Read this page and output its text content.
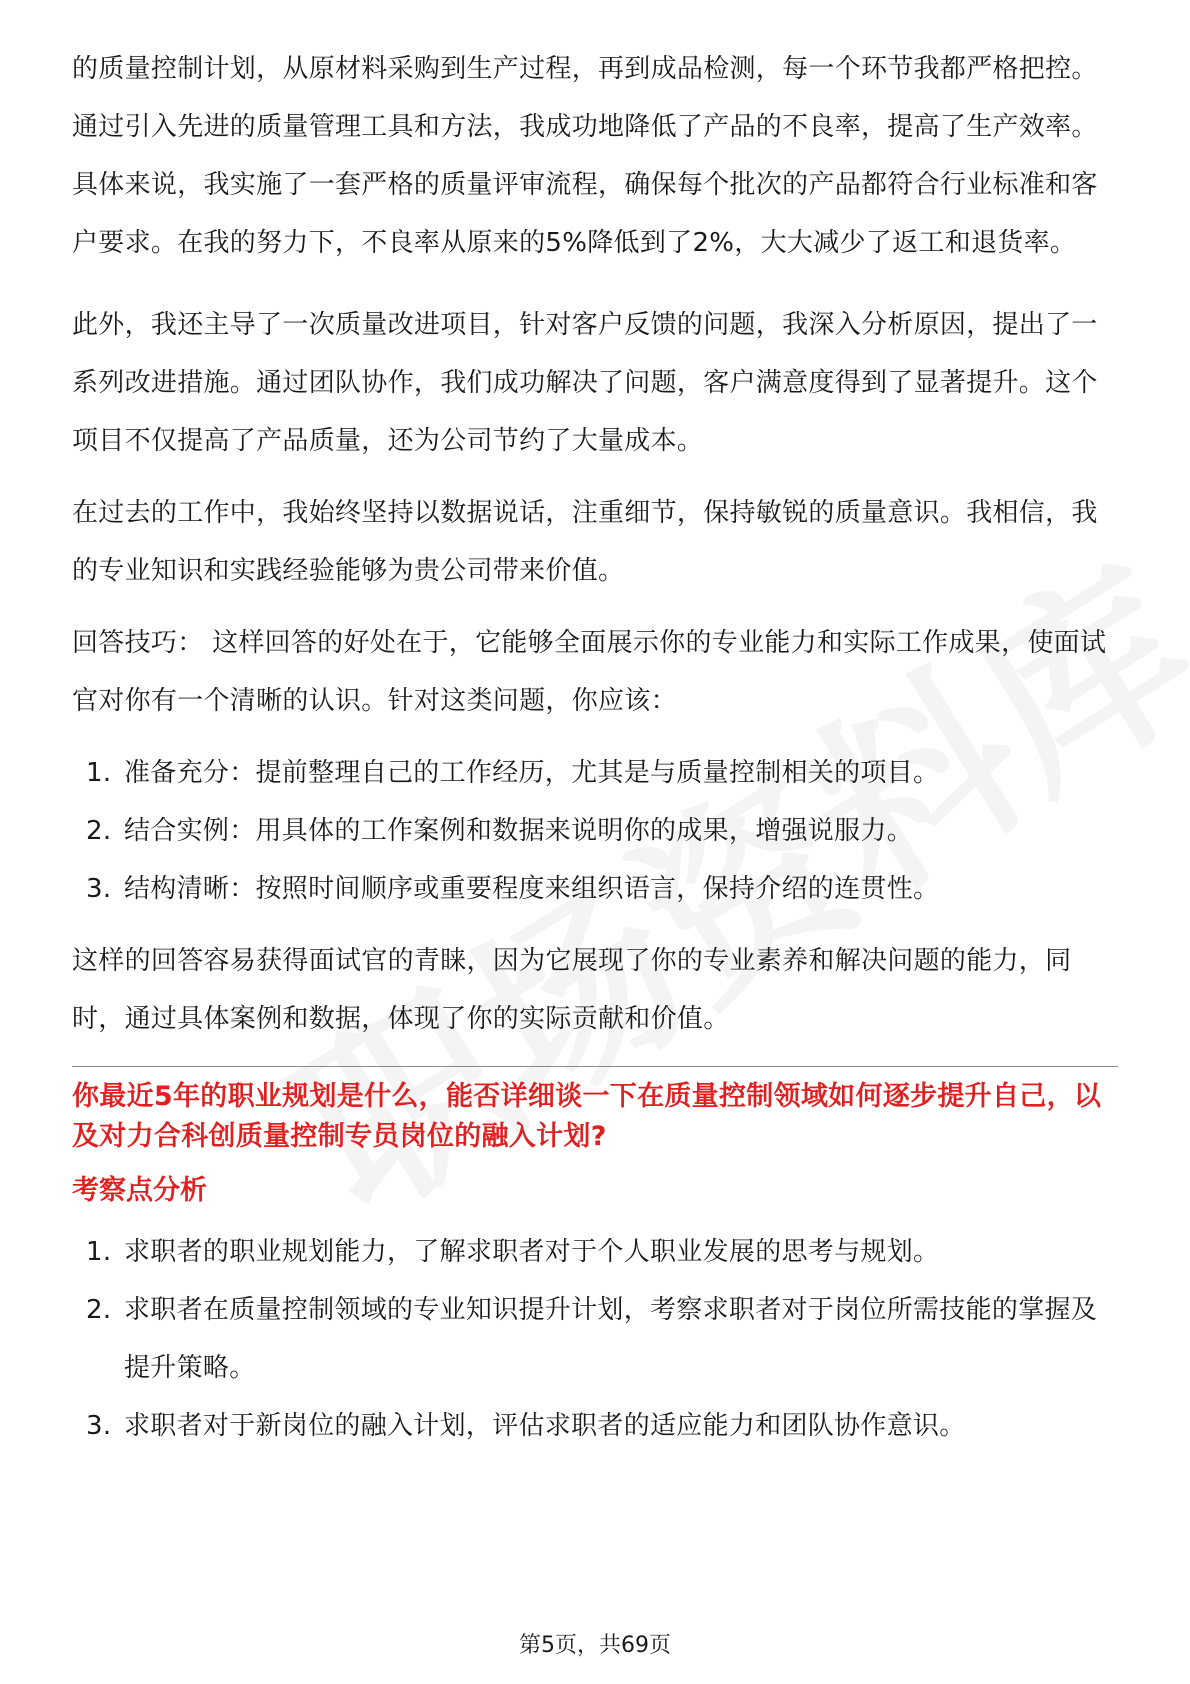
的质量控制计划，从原材料采购到生产过程，再到成品检测，每一个环节我都严格把控。通过引入先进的质量管理工具和方法，我成功地降低了产品的不良率，提高了生产效率。具体来说，我实施了一套严格的质量评审流程，确保每个批次的产品都符合行业标准和客户要求。在我的努力下，不良率从原来的5%降低到了2%，大大减少了返工和退货率。

此外，我还主导了一次质量改进项目，针对客户反馈的问题，我深入分析原因，提出了一系列改进措施。通过团队协作，我们成功解决了问题，客户满意度得到了显著提升。这个项目不仅提高了产品质量，还为公司节约了大量成本。

在过去的工作中，我始终坚持以数据说话，注重细节，保持敏锐的质量意识。我相信，我的专业知识和实践经验能够为贵公司带来价值。

回答技巧： 这样回答的好处在于，它能够全面展示你的专业能力和实际工作成果，使面试官对你有一个清晰的认识。针对这类问题，你应该：

1. 准备充分：提前整理自己的工作经历，尤其是与质量控制相关的项目。
2. 结合实例：用具体的工作案例和数据来说明你的成果，增强说服力。
3. 结构清晰：按照时间顺序或重要程度来组织语言，保持介绍的连贯性。

这样的回答容易获得面试官的青睐，因为它展现了你的专业素养和解决问题的能力，同时，通过具体案例和数据，体现了你的实际贡献和价值。

你最近5年的职业规划是什么，能否详细谈一下在质量控制领域如何逐步提升自己，以及对力合科创质量控制专员岗位的融入计划?

考察点分析
1. 求职者的职业规划能力，了解求职者对于个人职业发展的思考与规划。
2. 求职者在质量控制领域的专业知识提升计划，考察求职者对于岗位所需技能的掌握及提升策略。
3. 求职者对于新岗位的融入计划，评估求职者的适应能力和团队协作意识。
第5页，共69页
